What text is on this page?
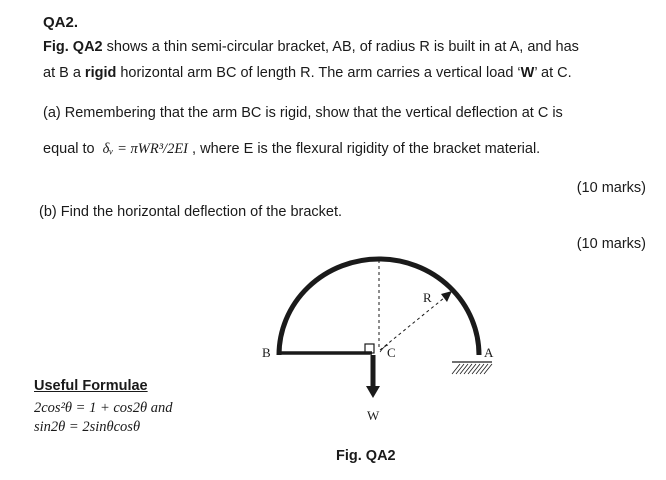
QA2.
Fig. QA2 shows a thin semi-circular bracket, AB, of radius R is built in at A, and has
at B a rigid horizontal arm BC of length R. The arm carries a vertical load ‘W’ at C.
(a) Remembering that the arm BC is rigid, show that the vertical deflection at C is
equal to δᵥ = πWR³/2EI , where E is the flexural rigidity of the bracket material.
(10 marks)
(b) Find the horizontal deflection of the bracket.
(10 marks)
B	C	A
R
W
Useful Formulae
2cos²θ = 1 + cos2θ and
sin2θ = 2sinθcosθ
Fig. QA2
